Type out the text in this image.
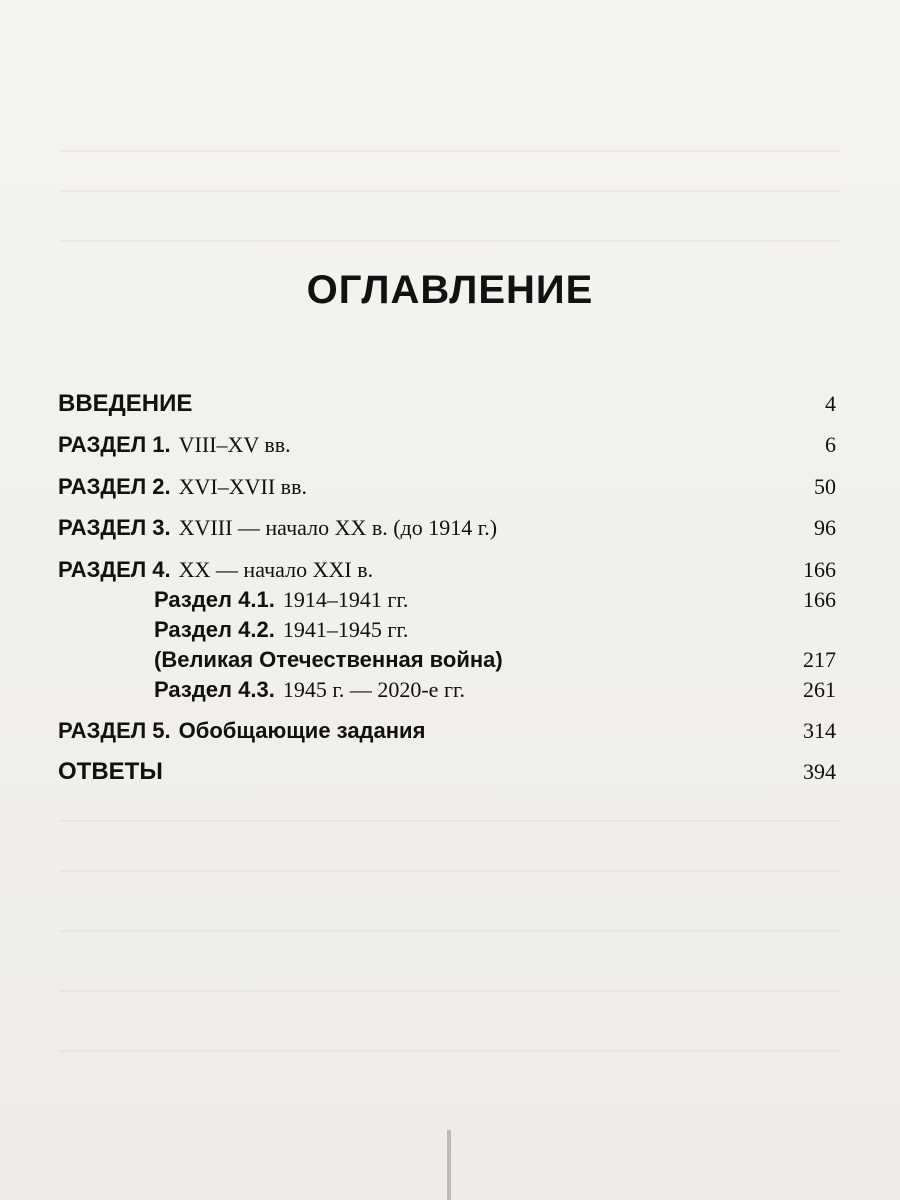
ОГЛАВЛЕНИЕ
ВВЕДЕНИЕ	4
РАЗДЕЛ 1. VIII–XV вв.	6
РАЗДЕЛ 2. XVI–XVII вв.	50
РАЗДЕЛ 3. XVIII — начало XX в. (до 1914 г.)	96
РАЗДЕЛ 4. XX — начало XXI в.	166
Раздел 4.1. 1914–1941 гг.	166
Раздел 4.2. 1941–1945 гг.
(Великая Отечественная война)	217
Раздел 4.3. 1945 г. — 2020-е гг.	261
РАЗДЕЛ 5. Обобщающие задания	314
ОТВЕТЫ	394
